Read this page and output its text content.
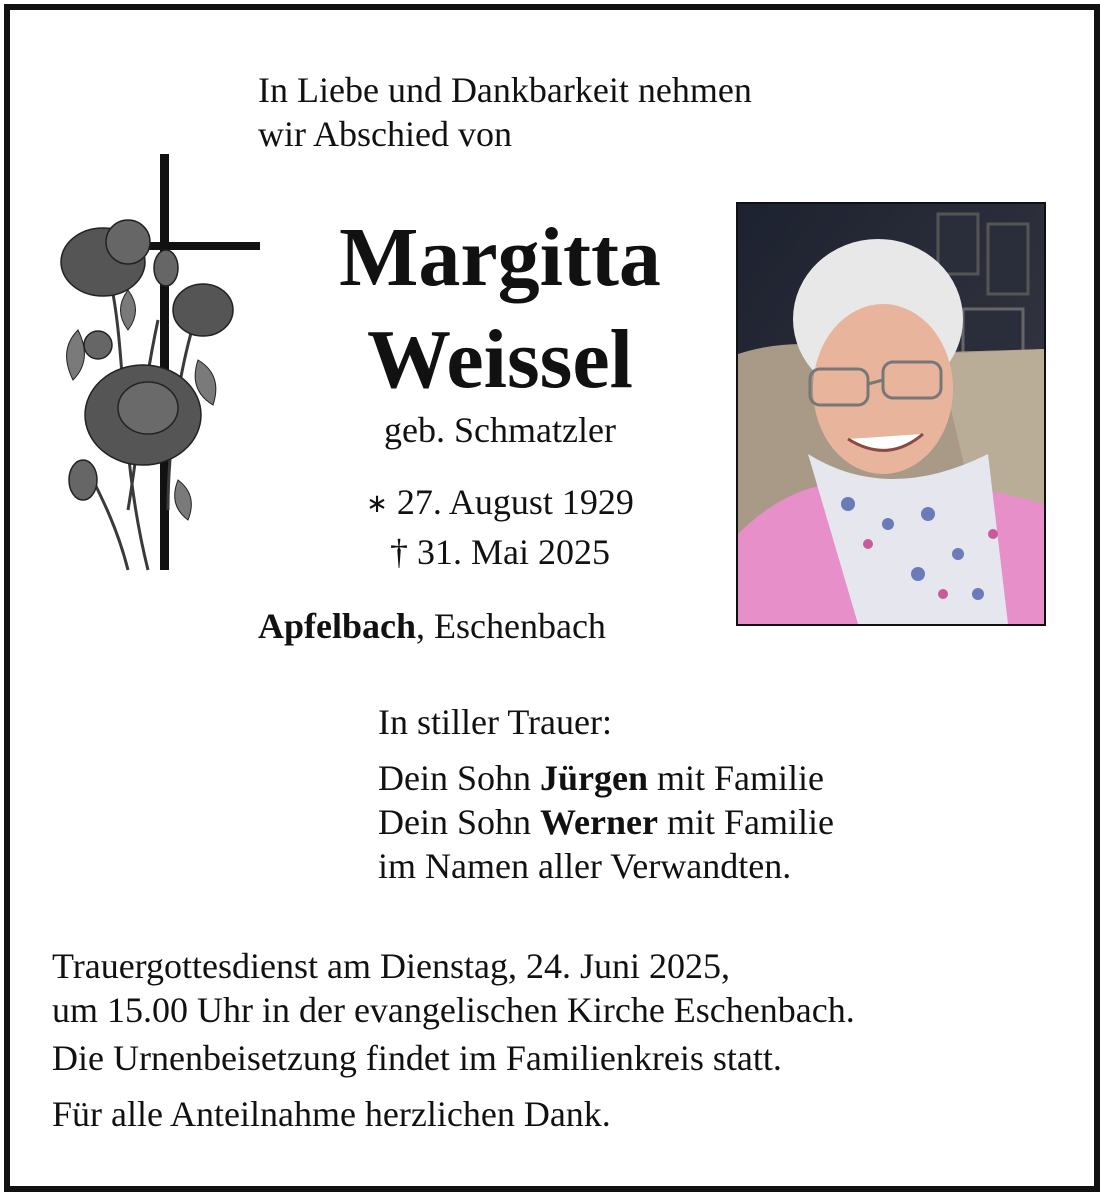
In Liebe und Dankbarkeit nehmen
wir Abschied von
Margitta
Weissel
geb. Schmatzler
∗ 27. August 1929
† 31. Mai 2025
Apfelbach, Eschenbach
In stiller Trauer:
Dein Sohn Jürgen mit Familie
Dein Sohn Werner mit Familie
im Namen aller Verwandten.
Trauergottesdienst am Dienstag, 24. Juni 2025,
um 15.00 Uhr in der evangelischen Kirche Eschenbach.
Die Urnenbeisetzung findet im Familienkreis statt.
Für alle Anteilnahme herzlichen Dank.
